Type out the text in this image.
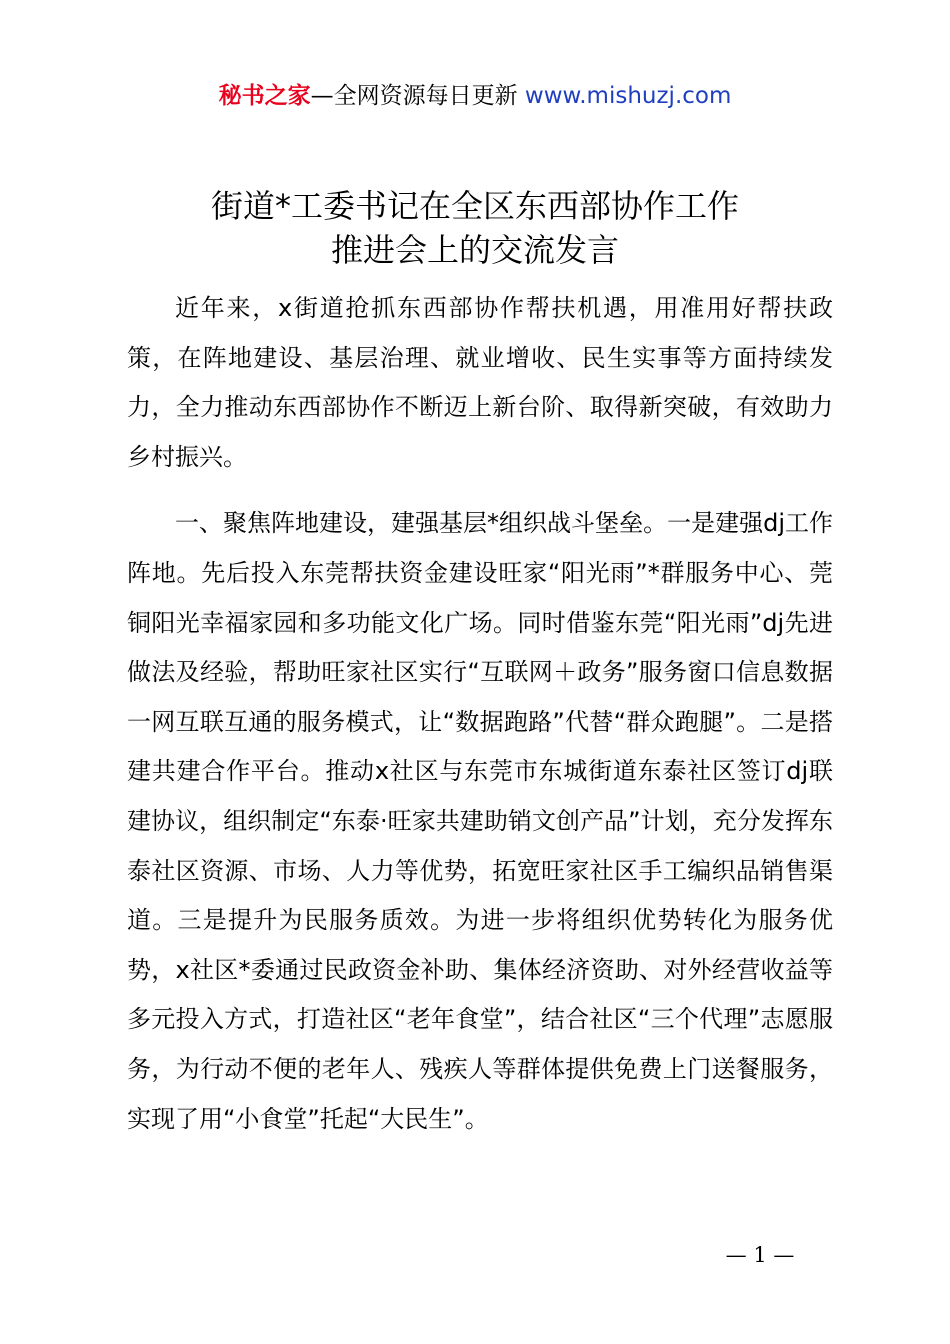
秘书之家—全网资源每日更新 www.mishuzj.com
街道*工委书记在全区东西部协作工作
推进会上的交流发言

近年来，x街道抢抓东西部协作帮扶机遇，用准用好帮扶政策，在阵地建设、基层治理、就业增收、民生实事等方面持续发力，全力推动东西部协作不断迈上新台阶、取得新突破，有效助力乡村振兴。

一、聚焦阵地建设，建强基层*组织战斗堡垒。一是建强dj工作阵地。先后投入东莞帮扶资金建设旺家“阳光雨”*群服务中心、莞铜阳光幸福家园和多功能文化广场。同时借鉴东莞“阳光雨”dj先进做法及经验，帮助旺家社区实行“互联网＋政务”服务窗口信息数据一网互联互通的服务模式，让“数据跑路”代替“群众跑腿”。二是搭建共建合作平台。推动x社区与东莞市东城街道东泰社区签订dj联建协议，组织制定“东泰·旺家共建助销文创产品”计划，充分发挥东泰社区资源、市场、人力等优势，拓宽旺家社区手工编织品销售渠道。三是提升为民服务质效。为进一步将组织优势转化为服务优势，x社区*委通过民政资金补助、集体经济资助、对外经营收益等多元投入方式，打造社区“老年食堂”，结合社区“三个代理”志愿服务，为行动不便的老年人、残疾人等群体提供免费上门送餐服务，实现了用“小食堂”托起“大民生”。

— 1 —
